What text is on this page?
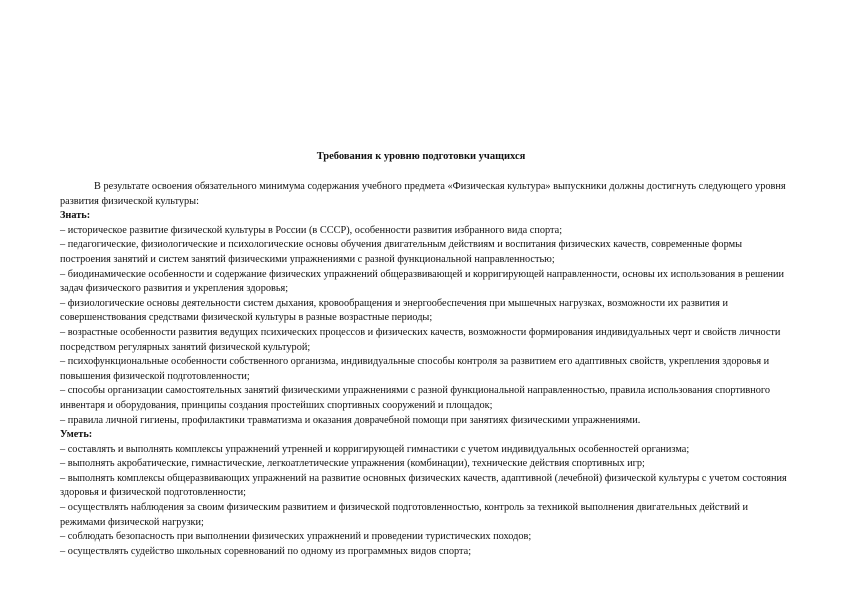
Требования к уровню подготовки учащихся

В результате освоения обязательного минимума содержания учебного предмета «Физическая культура» выпускники должны достигнуть следующего уровня развития физической культуры:

Знать:

– историческое развитие физической культуры в России (в СССР), особенности развития избранного вида спорта;

– педагогические, физиологические и психологические основы обучения двигательным действиям и воспитания физических качеств, современные формы построения занятий и систем занятий физическими упражнениями с разной функциональной направленностью;

– биодинамические особенности и содержание физических упражнений общеразвивающей и корригирующей направленности, основы их использования в решении задач физического развития и укрепления здоровья;

– физиологические основы деятельности систем дыхания, кровообращения и энергообеспечения при мышечных нагрузках, возможности их развития и совершенствования средствами физической культуры в разные возрастные периоды;

– возрастные особенности развития ведущих психических процессов и физических качеств, возможности формирования индивидуальных черт и свойств личности посредством регулярных занятий физической культурой;

– психофункциональные особенности собственного организма, индивидуальные способы контроля за развитием его адаптивных свойств, укрепления здоровья и повышения физической подготовленности;

– способы организации самостоятельных занятий физическими упражнениями с разной функциональной направленностью, правила использования спортивного инвентаря и оборудования, принципы создания простейших спортивных сооружений и площадок;

– правила личной гигиены, профилактики травматизма и оказания доврачебной помощи при занятиях физическими упражнениями.

Уметь:

– составлять и выполнять комплексы упражнений утренней и корригирующей гимнастики с учетом индивидуальных особенностей организма;

– выполнять акробатические, гимнастические, легкоатлетические упражнения (комбинации), технические действия спортивных игр;

– выполнять комплексы общеразвивающих упражнений на развитие основных физических качеств, адаптивной (лечебной) физической культуры с учетом состояния здоровья и физической подготовленности;

– осуществлять наблюдения за своим физическим развитием и физической подготовленностью, контроль за техникой выполнения двигательных действий и режимами физической нагрузки;

– соблюдать безопасность при выполнении физических упражнений и проведении туристических походов;

– осуществлять судейство школьных соревнований по одному из программных видов спорта;
